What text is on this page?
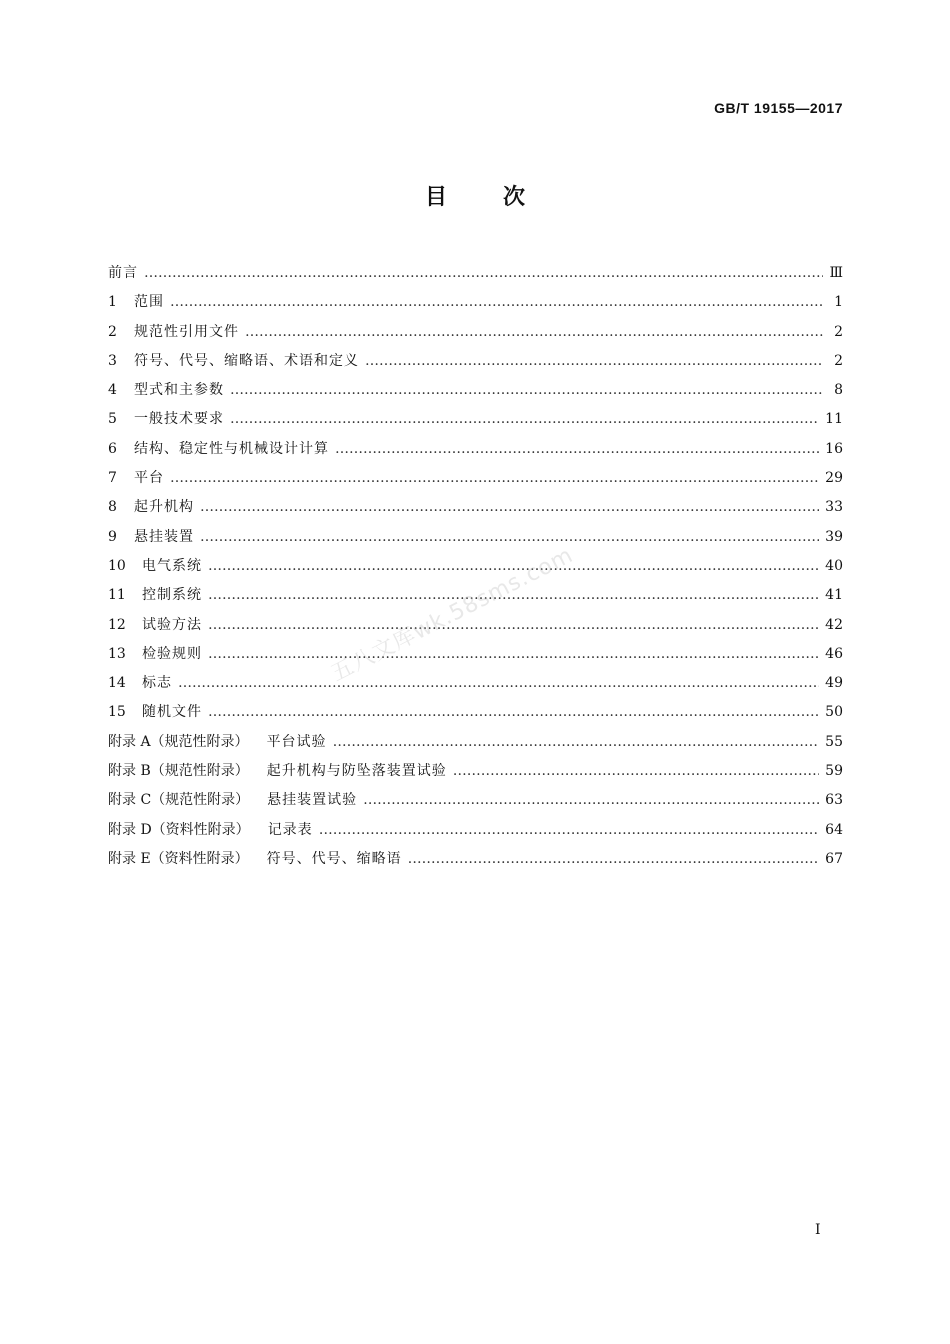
GB/T 19155—2017
目	次
前言 ……………………………………………………………………………………………………………………………………………………………………………………………………………………………………………………………………	Ⅲ
1	范围 ……………………………………………………………………………………………………………………………………………………………………………………………………………………………………………………………………	1
2	规范性引用文件 ……………………………………………………………………………………………………………………………………………………………………………………………………………………………………………………………………	2
3	符号、代号、缩略语、术语和定义 ……………………………………………………………………………………………………………………………………………………………………………………………………………………………………………………………………	2
4	型式和主参数 ……………………………………………………………………………………………………………………………………………………………………………………………………………………………………………………………………	8
5	一般技术要求 ……………………………………………………………………………………………………………………………………………………………………………………………………………………………………………………………………	11
6	结构、稳定性与机械设计计算 ……………………………………………………………………………………………………………………………………………………………………………………………………………………………………………………………………	16
7	平台 ……………………………………………………………………………………………………………………………………………………………………………………………………………………………………………………………………	29
8	起升机构 ……………………………………………………………………………………………………………………………………………………………………………………………………………………………………………………………………	33
9	悬挂装置 ……………………………………………………………………………………………………………………………………………………………………………………………………………………………………………………………………	39
10	电气系统 ……………………………………………………………………………………………………………………………………………………………………………………………………………………………………………………………………	40
11	控制系统 ……………………………………………………………………………………………………………………………………………………………………………………………………………………………………………………………………	41
12	试验方法 ……………………………………………………………………………………………………………………………………………………………………………………………………………………………………………………………………	42
13	检验规则 ……………………………………………………………………………………………………………………………………………………………………………………………………………………………………………………………………	46
14	标志 ……………………………………………………………………………………………………………………………………………………………………………………………………………………………………………………………………	49
15	随机文件 ……………………………………………………………………………………………………………………………………………………………………………………………………………………………………………………………………	50
附录 A（规范性附录） 平台试验 ……………………………………………………………………………………………………………………………………………………………………………………………………………………………………………………………………	55
附录 B（规范性附录） 起升机构与防坠落装置试验 ……………………………………………………………………………………………………………………………………………………………………………………………………………………………………………………………………	59
附录 C（规范性附录） 悬挂装置试验 ……………………………………………………………………………………………………………………………………………………………………………………………………………………………………………………………………	63
附录 D（资料性附录） 记录表 ……………………………………………………………………………………………………………………………………………………………………………………………………………………………………………………………………	64
附录 E（资料性附录） 符号、代号、缩略语 ……………………………………………………………………………………………………………………………………………………………………………………………………………………………………………………………………	67
五八文库wk.58sms.com
I
